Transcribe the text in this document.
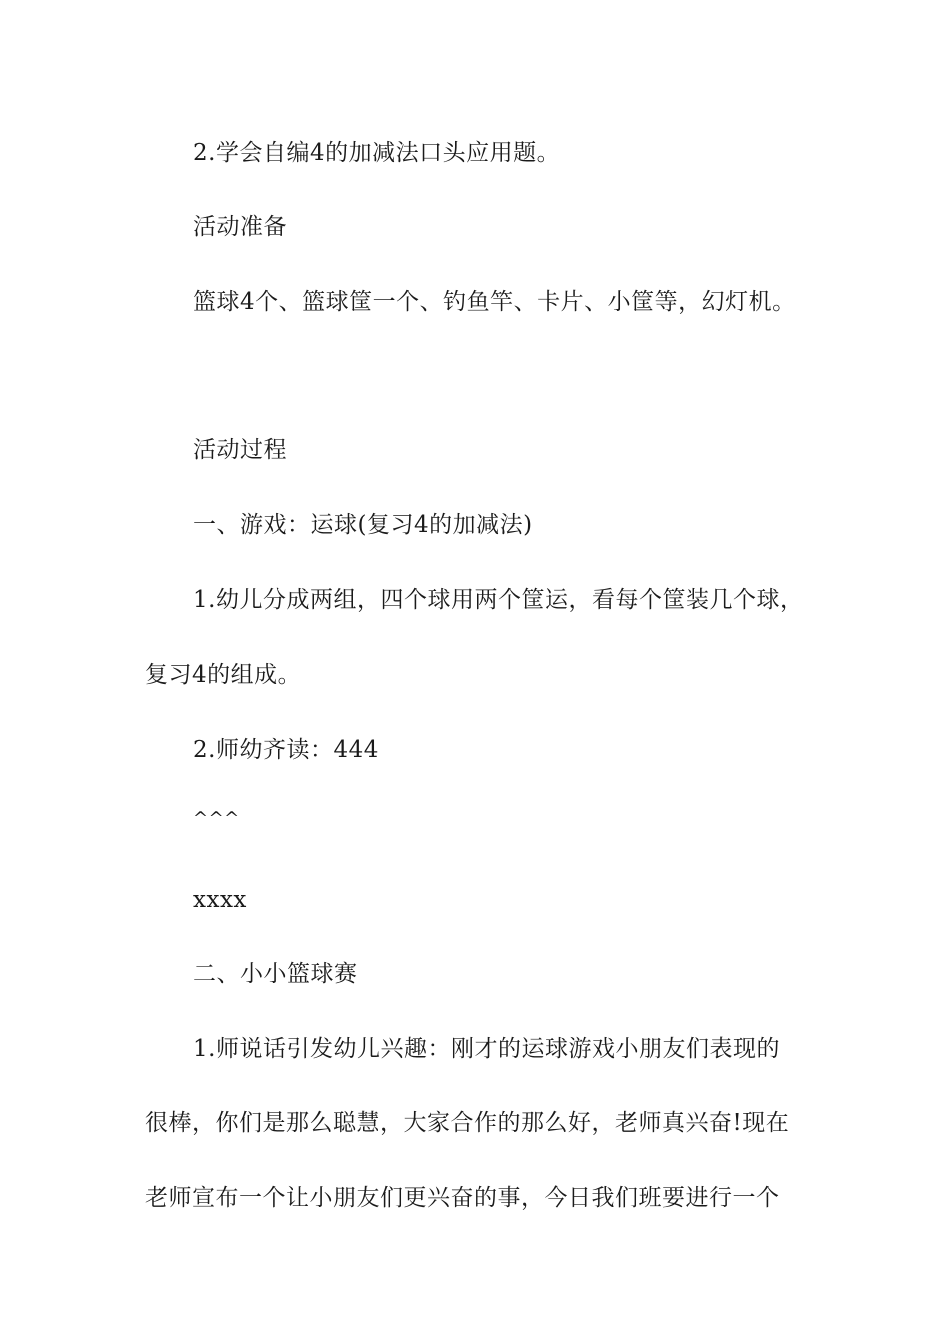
2.学会自编4的加减法口头应用题。
活动准备
篮球4个、篮球筐一个、钓鱼竿、卡片、小筐等，幻灯机。
活动过程
一、游戏：运球(复习4的加减法)
1.幼儿分成两组，四个球用两个筐运，看每个筐装几个球，
复习4的组成。
2.师幼齐读：444
^^^
xxxx
二、小小篮球赛
1.师说话引发幼儿兴趣：刚才的运球游戏小朋友们表现的
很棒，你们是那么聪慧，大家合作的那么好，老师真兴奋!现在
老师宣布一个让小朋友们更兴奋的事，今日我们班要进行一个
